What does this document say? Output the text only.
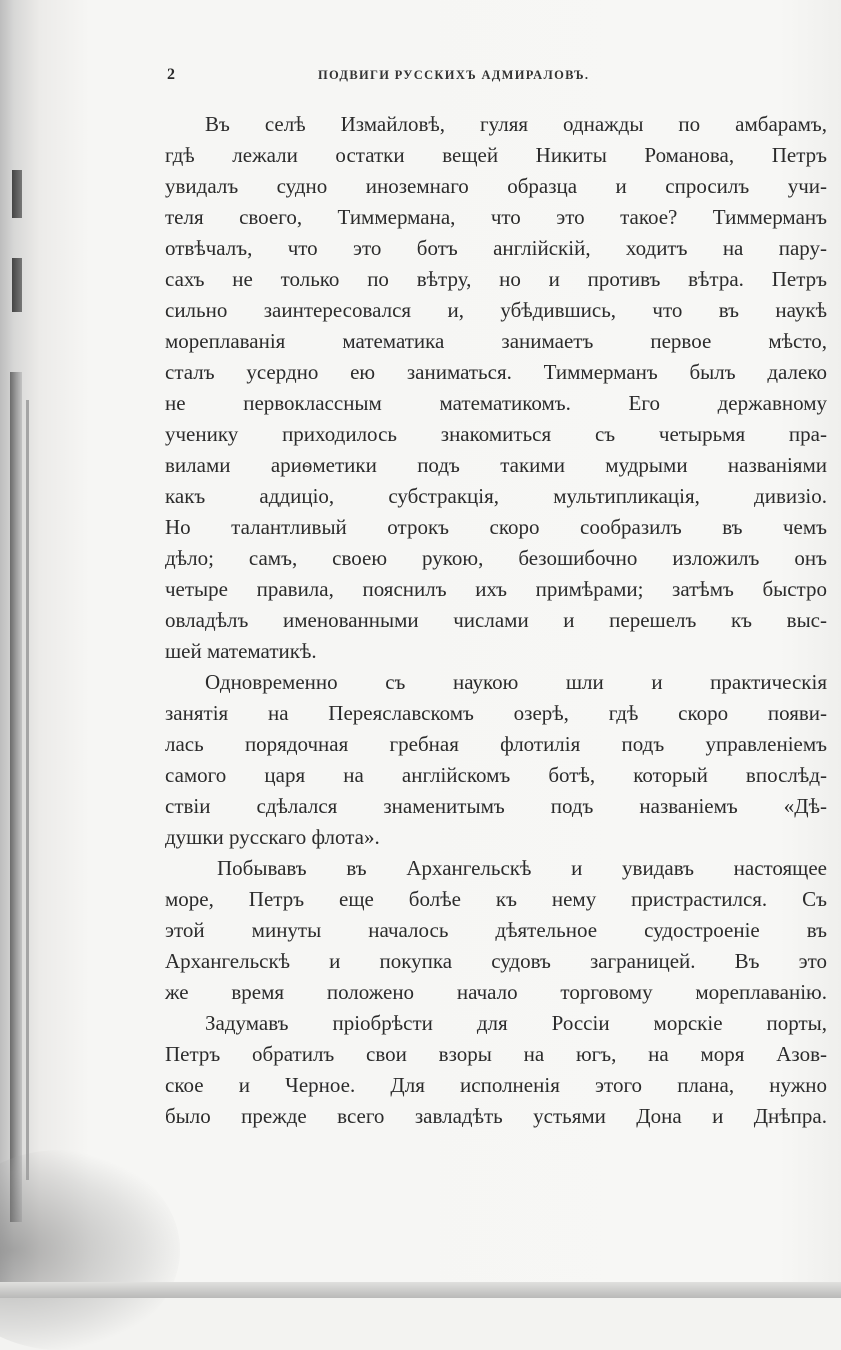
2	ПОДВИГИ РУССКИХЪ АДМИРАЛОВЪ.
Въ селѣ Измайловѣ, гуляя однажды по амбарамъ,
гдѣ лежали остатки вещей Никиты Романова, Петръ
увидалъ судно иноземнаго образца и спросилъ учи-
теля своего, Тиммермана, что это такое? Тиммерманъ
отвѣчалъ, что это ботъ англійскій, ходитъ на пару-
сахъ не только по вѣтру, но и противъ вѣтра. Петръ
сильно заинтересовался и, убѣдившись, что въ наукѣ
мореплаванія математика занимаетъ первое мѣсто,
сталъ усердно ею заниматься. Тиммерманъ былъ далеко
не первоклассным математикомъ. Его державному
ученику приходилось знакомиться съ четырьмя пра-
вилами ариѳметики подъ такими мудрыми названіями
какъ аддиціо, субстракція, мультипликація, дивизіо.
Но талантливый отрокъ скоро сообразилъ въ чемъ
дѣло; самъ, своею рукою, безошибочно изложилъ онъ
четыре правила, пояснилъ ихъ примѣрами; затѣмъ быстро
овладѣлъ именованными числами и перешелъ къ выс-
шей математикѣ.
Одновременно съ наукою шли и практическія
занятія на Переяславскомъ озерѣ, гдѣ скоро появи-
лась порядочная гребная флотилія подъ управленіемъ
самого царя на англійскомъ ботѣ, который впослѣд-
ствіи сдѣлался знаменитымъ подъ названіемъ «Дѣ-
душки русскаго флота».
Побывавъ въ Архангельскѣ и увидавъ настоящее
море, Петръ еще болѣе къ нему пристрастился. Съ
этой минуты началось дѣятельное судостроеніе въ
Архангельскѣ и покупка судовъ заграницей. Въ это
же время положено начало торговому мореплаванію.
Задумавъ пріобрѣсти для Россіи морскіе порты,
Петръ обратилъ свои взоры на югъ, на моря Азов-
ское и Черное. Для исполненія этого плана, нужно
было прежде всего завладѣть устьями Дона и Днѣпра.
